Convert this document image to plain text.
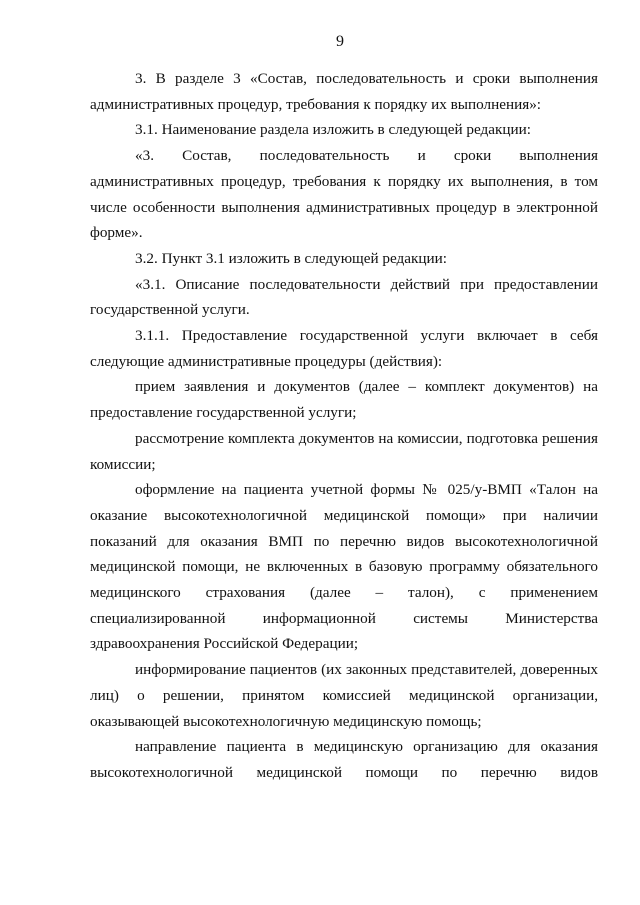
9

3. В разделе 3 «Состав, последовательность и сроки выполнения административных процедур, требования к порядку их выполнения»:

3.1. Наименование раздела изложить в следующей редакции:

«3. Состав, последовательность и сроки выполнения административных процедур, требования к порядку их выполнения, в том числе особенности выполнения административных процедур в электронной форме».

3.2. Пункт 3.1 изложить в следующей редакции:

«3.1. Описание последовательности действий при предоставлении государственной услуги.

3.1.1. Предоставление государственной услуги включает в себя следующие административные процедуры (действия):

прием заявления и документов (далее – комплект документов) на предоставление государственной услуги;

рассмотрение комплекта документов на комиссии, подготовка решения комиссии;

оформление на пациента учетной формы № 025/у-ВМП «Талон на оказание высокотехнологичной медицинской помощи» при наличии показаний для оказания ВМП по перечню видов высокотехнологичной медицинской помощи, не включенных в базовую программу обязательного медицинского страхования (далее – талон), с применением специализированной информационной системы Министерства здравоохранения Российской Федерации;

информирование пациентов (их законных представителей, доверенных лиц) о решении, принятом комиссией медицинской организации, оказывающей высокотехнологичную медицинскую помощь;

направление пациента в медицинскую организацию для оказания высокотехнологичной медицинской помощи по перечню видов
